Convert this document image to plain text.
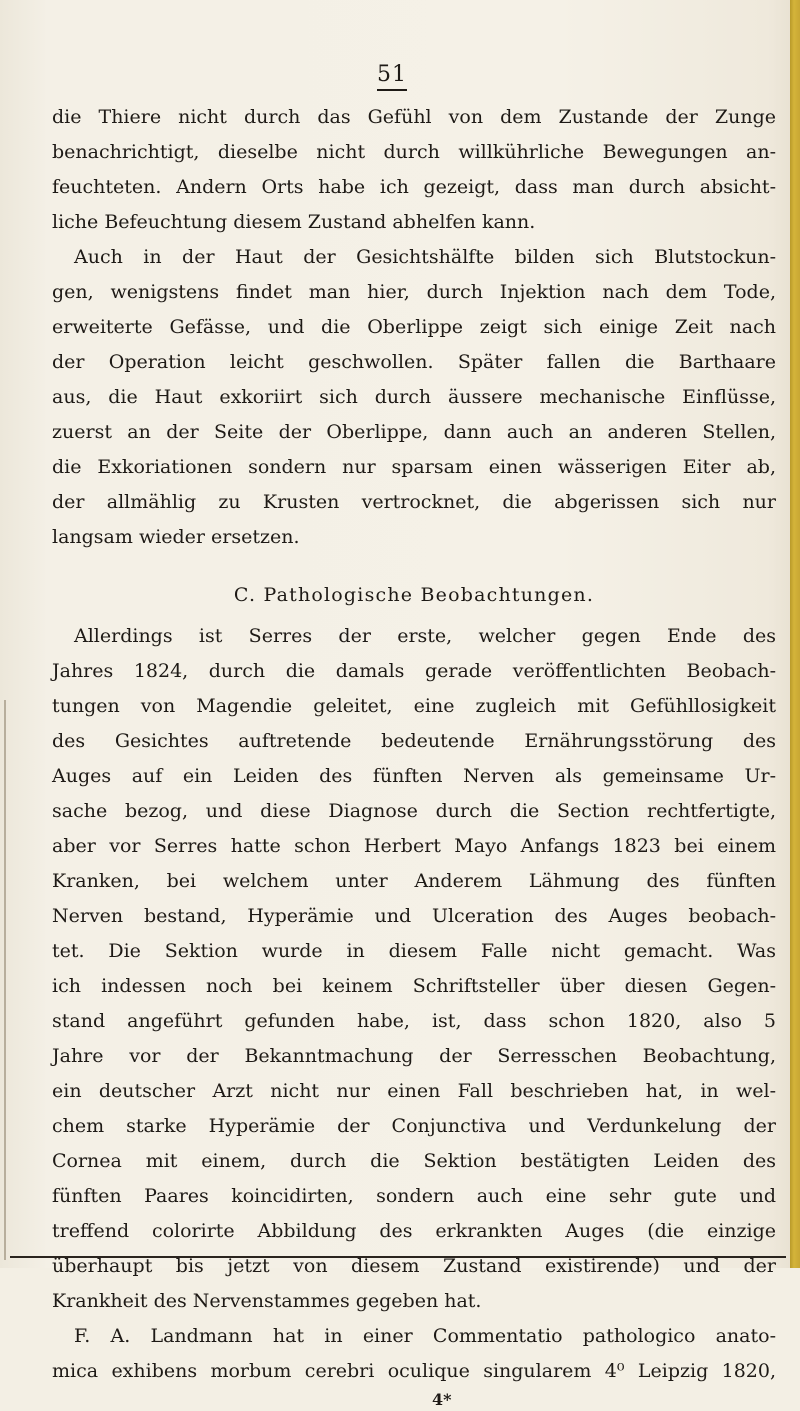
51
die Thiere nicht durch das Gefühl von dem Zustande der Zunge
benachrichtigt, dieselbe nicht durch willkührliche Bewegungen an-
feuchteten. Andern Orts habe ich gezeigt, dass man durch absicht-
liche Befeuchtung diesem Zustand abhelfen kann.
Auch in der Haut der Gesichtshälfte bilden sich Blutstockun-
gen, wenigstens findet man hier, durch Injektion nach dem Tode,
erweiterte Gefässe, und die Oberlippe zeigt sich einige Zeit nach
der Operation leicht geschwollen. Später fallen die Barthaare
aus, die Haut exkoriirt sich durch äussere mechanische Einflüsse,
zuerst an der Seite der Oberlippe, dann auch an anderen Stellen,
die Exkoriationen sondern nur sparsam einen wässerigen Eiter ab,
der allmählig zu Krusten vertrocknet, die abgerissen sich nur
langsam wieder ersetzen.
C. Pathologische Beobachtungen.
Allerdings ist Serres der erste, welcher gegen Ende des
Jahres 1824, durch die damals gerade veröffentlichten Beobach-
tungen von Magendie geleitet, eine zugleich mit Gefühllosigkeit
des Gesichtes auftretende bedeutende Ernährungsstörung des
Auges auf ein Leiden des fünften Nerven als gemeinsame Ur-
sache bezog, und diese Diagnose durch die Section rechtfertigte,
aber vor Serres hatte schon Herbert Mayo Anfangs 1823 bei einem
Kranken, bei welchem unter Anderem Lähmung des fünften
Nerven bestand, Hyperämie und Ulceration des Auges beobach-
tet. Die Sektion wurde in diesem Falle nicht gemacht. Was
ich indessen noch bei keinem Schriftsteller über diesen Gegen-
stand angeführt gefunden habe, ist, dass schon 1820, also 5
Jahre vor der Bekanntmachung der Serresschen Beobachtung,
ein deutscher Arzt nicht nur einen Fall beschrieben hat, in wel-
chem starke Hyperämie der Conjunctiva und Verdunkelung der
Cornea mit einem, durch die Sektion bestätigten Leiden des
fünften Paares koincidirten, sondern auch eine sehr gute und
treffend colorirte Abbildung des erkrankten Auges (die einzige
überhaupt bis jetzt von diesem Zustand existirende) und der
Krankheit des Nervenstammes gegeben hat.
F. A. Landmann hat in einer Commentatio pathologico anato-
mica exhibens morbum cerebri oculique singularem 4⁰ Leipzig 1820,
4*
